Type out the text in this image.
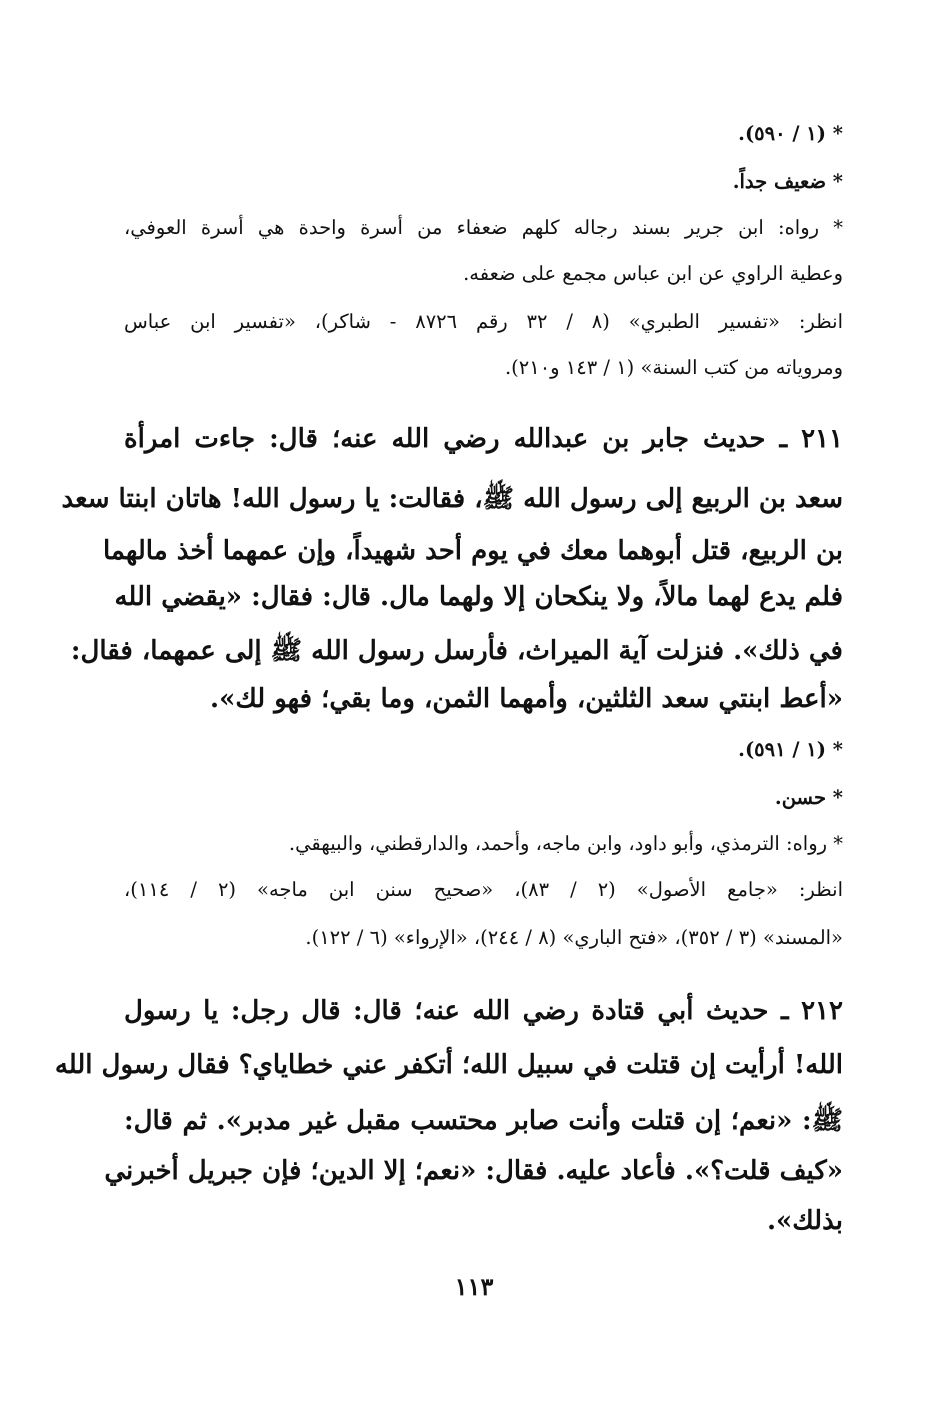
* (١ / ٥٩٠).
* ضعيف جداً.
* رواه: ابن جرير بسند رجاله كلهم ضعفاء من أسرة واحدة هي أسرة العوفي،
وعطية الراوي عن ابن عباس مجمع على ضعفه.
انظر: «تفسير الطبري» (٨ / ٣٢ رقم ٨٧٢٦ - شاكر)، «تفسير ابن عباس
ومروياته من كتب السنة» (١ / ١٤٣ و٢١٠).
٢١١ ـ حديث جابر بن عبدالله رضي الله عنه؛ قال: جاءت امرأة
سعد بن الربيع إلى رسول الله ﷺ، فقالت: يا رسول الله! هاتان ابنتا سعد
بن الربيع، قتل أبوهما معك في يوم أحد شهيداً، وإن عمهما أخذ مالهما
فلم يدع لهما مالاً، ولا ينكحان إلا ولهما مال. قال: فقال: «يقضي الله
في ذلك». فنزلت آية الميراث، فأرسل رسول الله ﷺ إلى عمهما، فقال:
«أعط ابنتي سعد الثلثين، وأمهما الثمن، وما بقي؛ فهو لك».
* (١ / ٥٩١).
* حسن.
* رواه: الترمذي، وأبو داود، وابن ماجه، وأحمد، والدارقطني، والبيهقي.
انظر: «جامع الأصول» (٢ / ٨٣)، «صحيح سنن ابن ماجه» (٢ / ١١٤)،
«المسند» (٣ / ٣٥٢)، «فتح الباري» (٨ / ٢٤٤)، «الإرواء» (٦ / ١٢٢).
٢١٢ ـ حديث أبي قتادة رضي الله عنه؛ قال: قال رجل: يا رسول
الله! أرأيت إن قتلت في سبيل الله؛ أتكفر عني خطاياي؟ فقال رسول الله
ﷺ: «نعم؛ إن قتلت وأنت صابر محتسب مقبل غير مدبر». ثم قال:
«كيف قلت؟». فأعاد عليه. فقال: «نعم؛ إلا الدين؛ فإن جبريل أخبرني
بذلك».
١١٣
